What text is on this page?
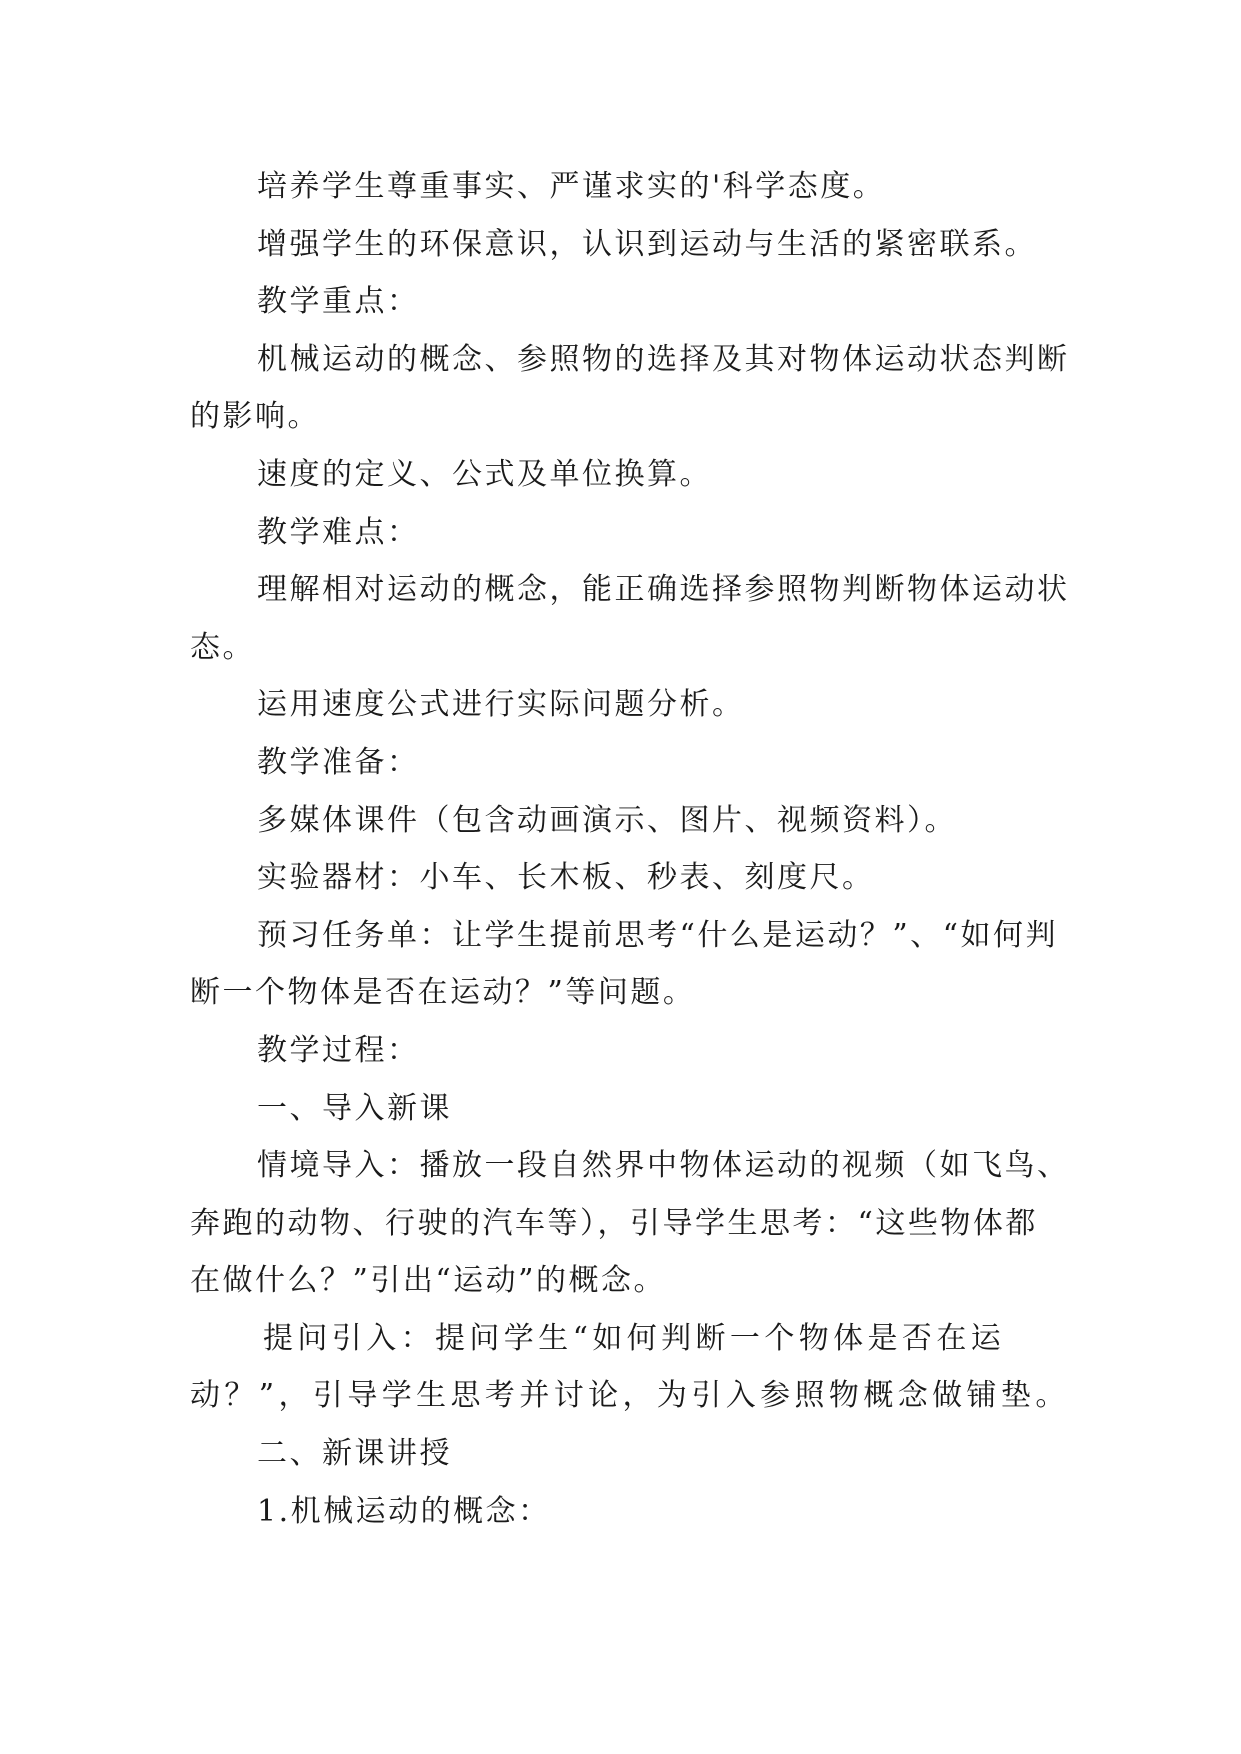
培养学生尊重事实、严谨求实的'科学态度。

增强学生的环保意识，认识到运动与生活的紧密联系。

教学重点：

机械运动的概念、参照物的选择及其对物体运动状态判断的影响。

速度的定义、公式及单位换算。

教学难点：

理解相对运动的概念，能正确选择参照物判断物体运动状态。

运用速度公式进行实际问题分析。

教学准备：

多媒体课件（包含动画演示、图片、视频资料）。

实验器材：小车、长木板、秒表、刻度尺。

预习任务单：让学生提前思考“什么是运动？”、“如何判断一个物体是否在运动？”等问题。

教学过程：

一、导入新课

情境导入：播放一段自然界中物体运动的视频（如飞鸟、奔跑的动物、行驶的汽车等），引导学生思考：“这些物体都在做什么？”引出“运动”的概念。

提问引入：提问学生“如何判断一个物体是否在运动？”，引导学生思考并讨论，为引入参照物概念做铺垫。

二、新课讲授

1.机械运动的概念：
